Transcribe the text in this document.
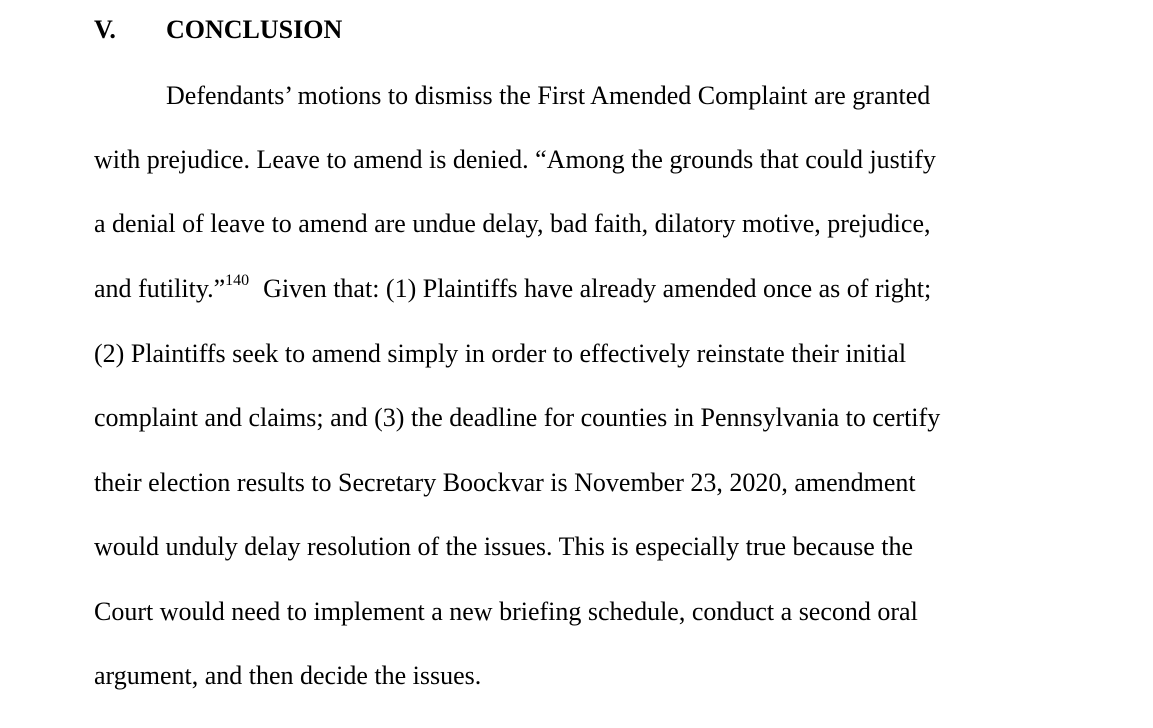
V. CONCLUSION
Defendants’ motions to dismiss the First Amended Complaint are granted
with prejudice. Leave to amend is denied. “Among the grounds that could justify
a denial of leave to amend are undue delay, bad faith, dilatory motive, prejudice,
and futility.”$^{140}$ Given that: (1) Plaintiffs have already amended once as of right;
(2) Plaintiffs seek to amend simply in order to effectively reinstate their initial
complaint and claims; and (3) the deadline for counties in Pennsylvania to certify
their election results to Secretary Boockvar is November 23, 2020, amendment
would unduly delay resolution of the issues. This is especially true because the
Court would need to implement a new briefing schedule, conduct a second oral
argument, and then decide the issues.
